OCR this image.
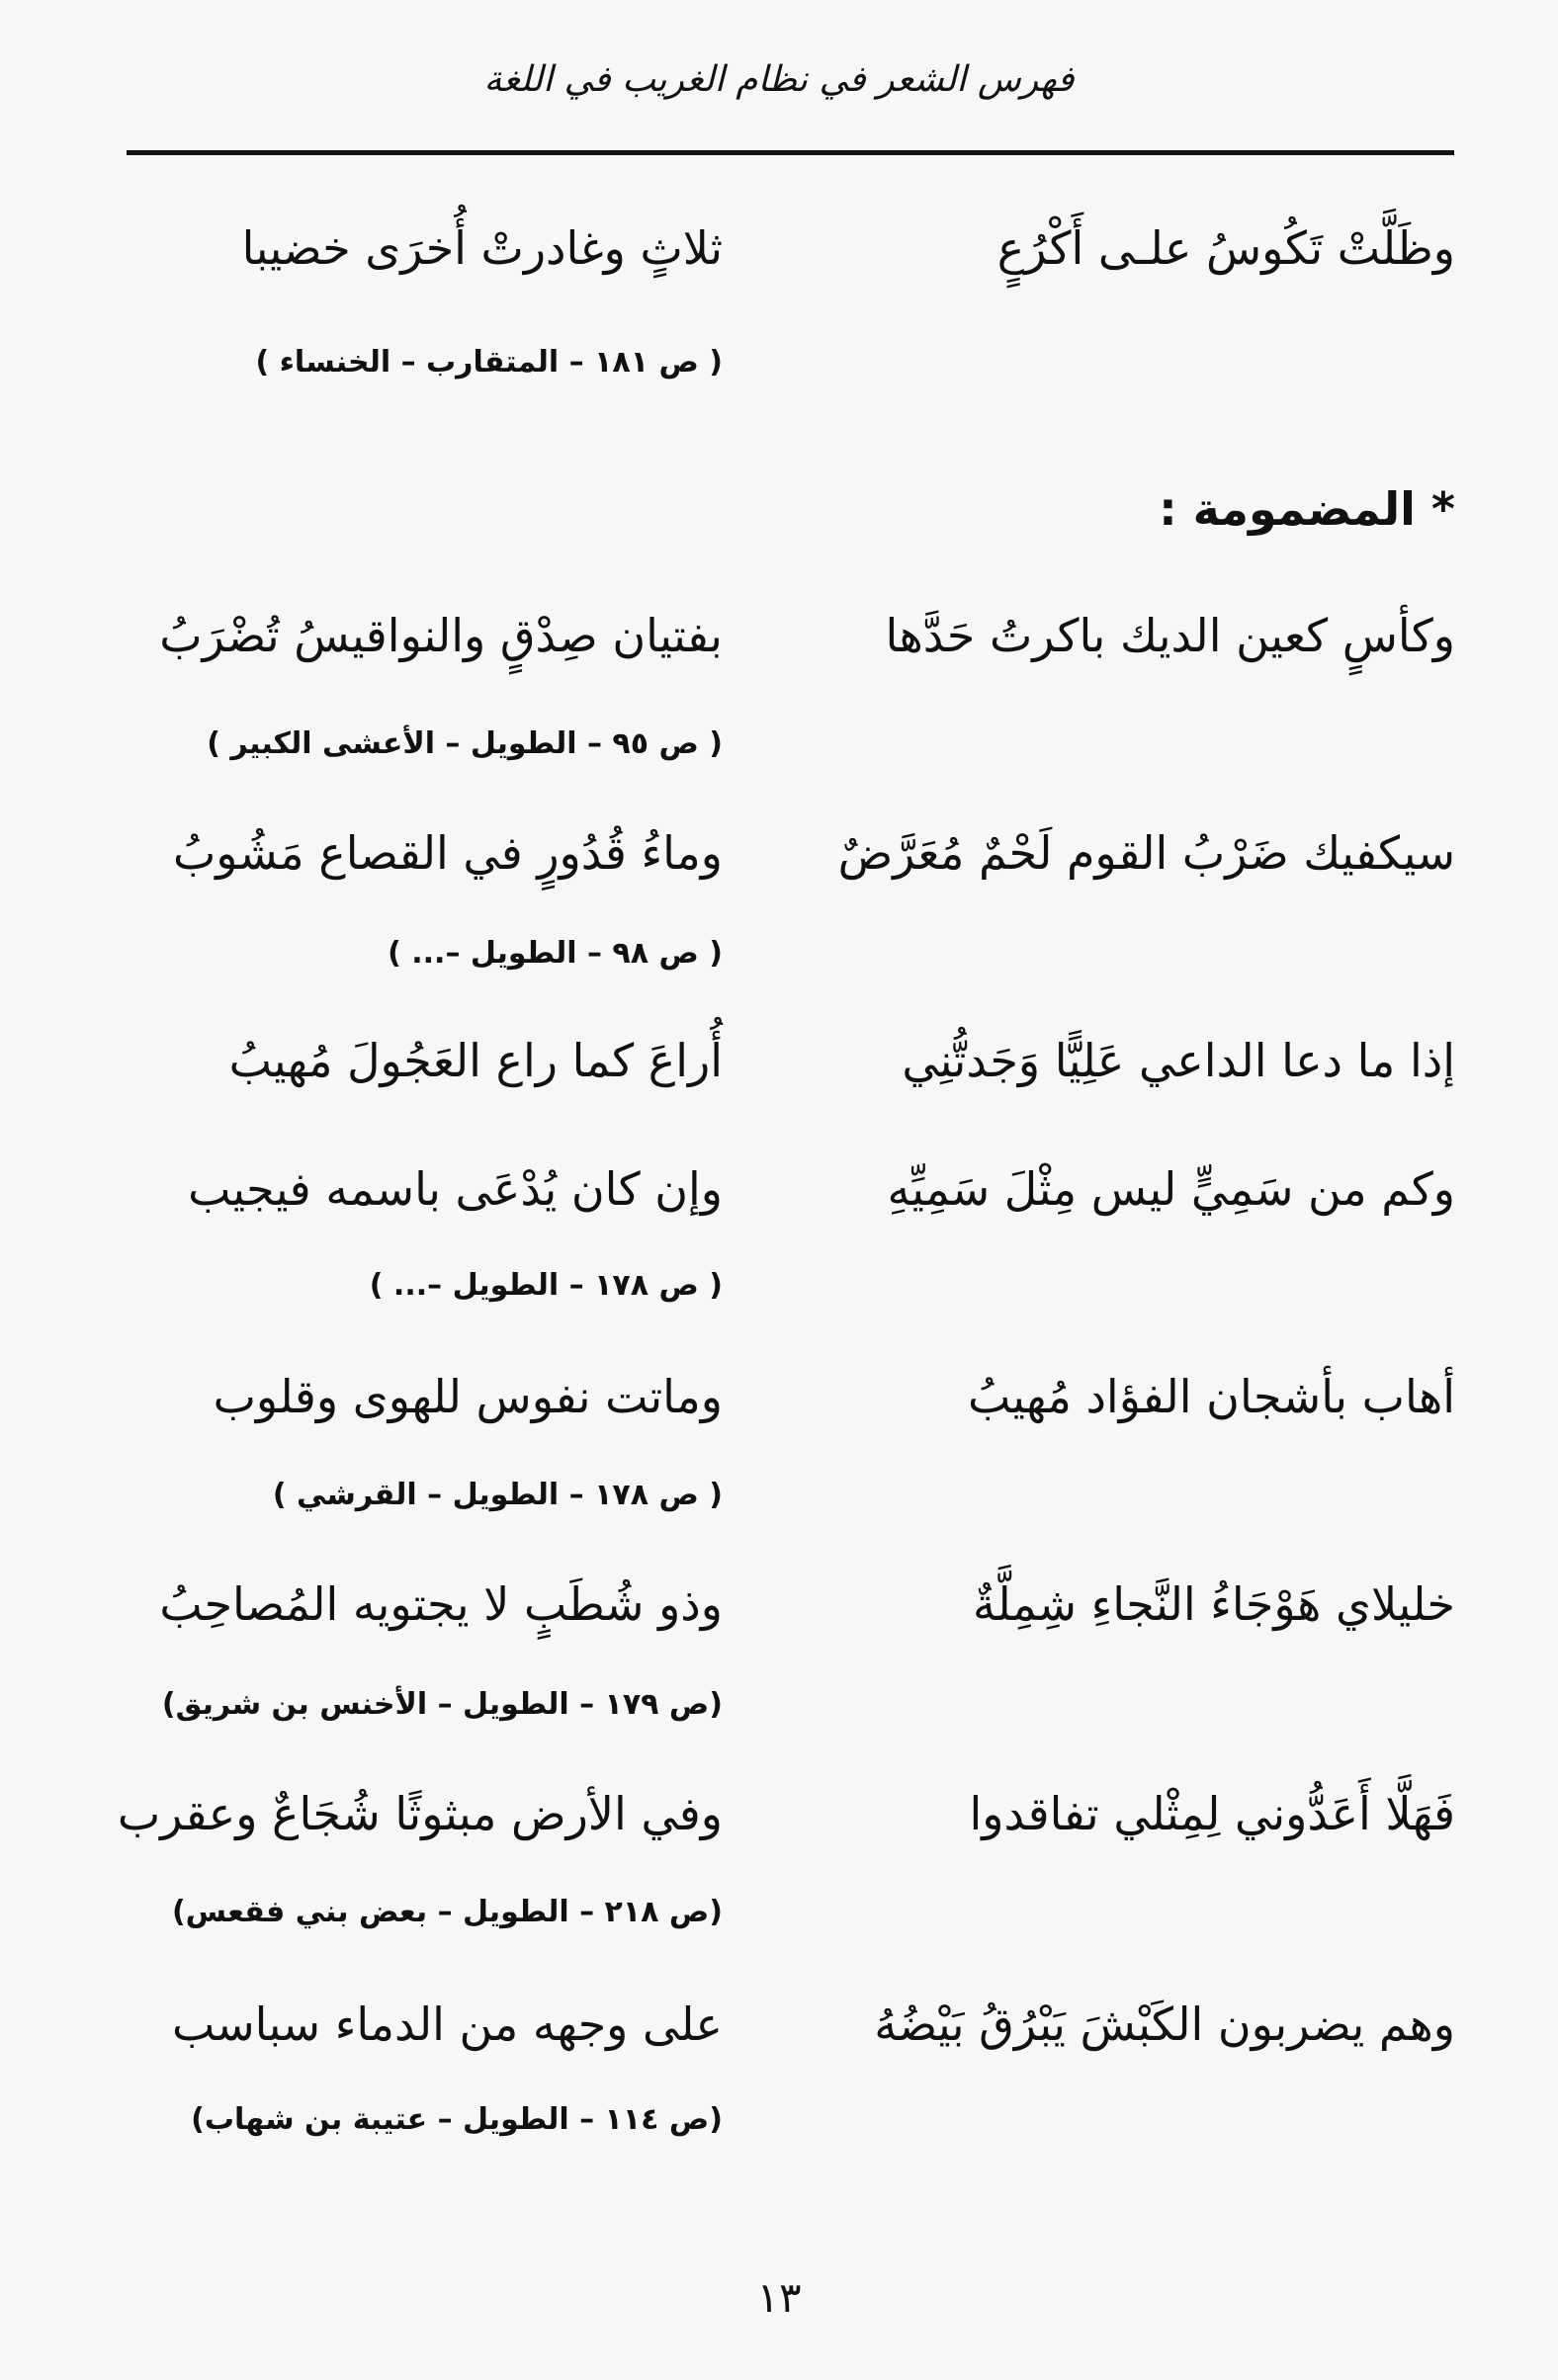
فهرس الشعر في نظام الغريب في اللغة
وظَلَّتْ تَكُوسُ علـى أَكْرُعٍ
ثلاثٍ وغادرتْ أُخرَى خضيبا
( ص ١٨١ – المتقارب – الخنساء )
* المضمومة :
وكأسٍ كعين الديك باكرتُ حَدَّها
بفتيان صِدْقٍ والنواقيسُ تُضْرَبُ
( ص ٩٥ – الطويل – الأعشى الكبير )
سيكفيك ضَرْبُ القوم لَحْمٌ مُعَرَّضٌ
وماءُ قُدُورٍ في القصاع مَشُوبُ
( ص ٩٨ – الطويل –... )
إذا ما دعا الداعي عَلِيًّا وَجَدتُّنِي
أُراعَ كما راع العَجُولَ مُهيبُ
وكم من سَمِيٍّ ليس مِثْلَ سَمِيِّهِ
وإن كان يُدْعَى باسمه فيجيب
( ص ١٧٨ – الطويل –... )
أهاب بأشجان الفؤاد مُهيبُ
وماتت نفوس للهوى وقلوب
( ص ١٧٨ – الطويل – القرشي )
خليلاي هَوْجَاءُ النَّجاءِ شِمِلَّةٌ
وذو شُطَبٍ لا يجتويه المُصاحِبُ
(ص ١٧٩ – الطويل – الأخنس بن شريق)
فَهَلَّا أَعَدُّوني لِمِثْلي تفاقدوا
وفي الأرض مبثوثًا شُجَاعٌ وعقرب
(ص ٢١٨ – الطويل – بعض بني فقعس)
وهم يضربون الكَبْشَ يَبْرُقُ بَيْضُهُ
على وجهه من الدماء سباسب
(ص ١١٤ – الطويل – عتيبة بن شهاب)
١٣
